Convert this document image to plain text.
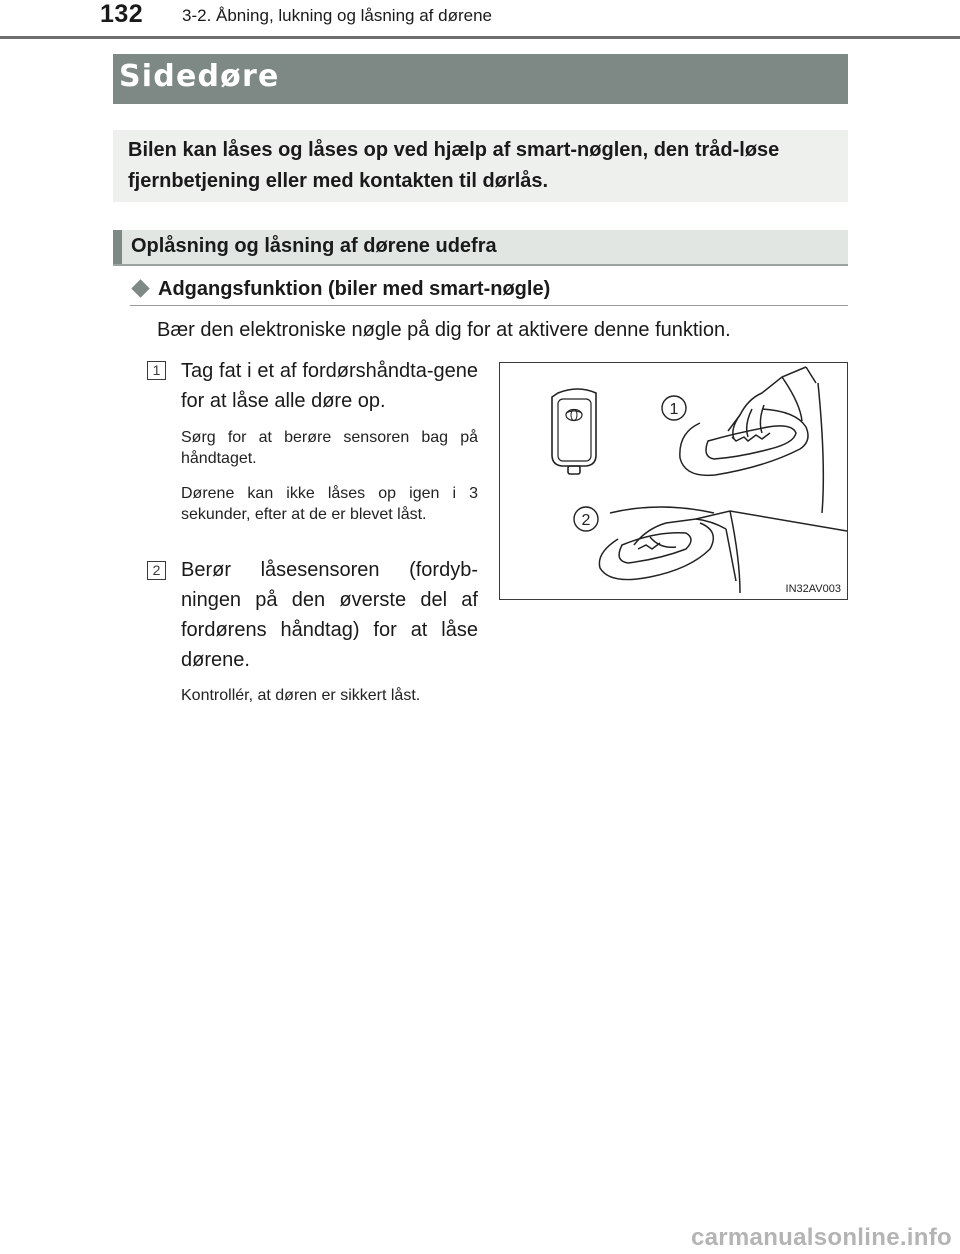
132 3-2. Åbning, lukning og låsning af dørene
Sidedøre
Bilen kan låses og låses op ved hjælp af smart-nøglen, den tråd-løse fjernbetjening eller med kontakten til dørlås.
Oplåsning og låsning af dørene udefra
Adgangsfunktion (biler med smart-nøgle)
Bær den elektroniske nøgle på dig for at aktivere denne funktion.
1 Tag fat i et af fordørshåndta-gene for at låse alle døre op.
Sørg for at berøre sensoren bag på håndtaget.
Dørene kan ikke låses op igen i 3 sekunder, efter at de er blevet låst.
2 Berør låsesensoren (fordyb-ningen på den øverste del af fordørens håndtag) for at låse dørene.
Kontrollér, at døren er sikkert låst.
1
2
IN32AV003
carmanualsonline.info
